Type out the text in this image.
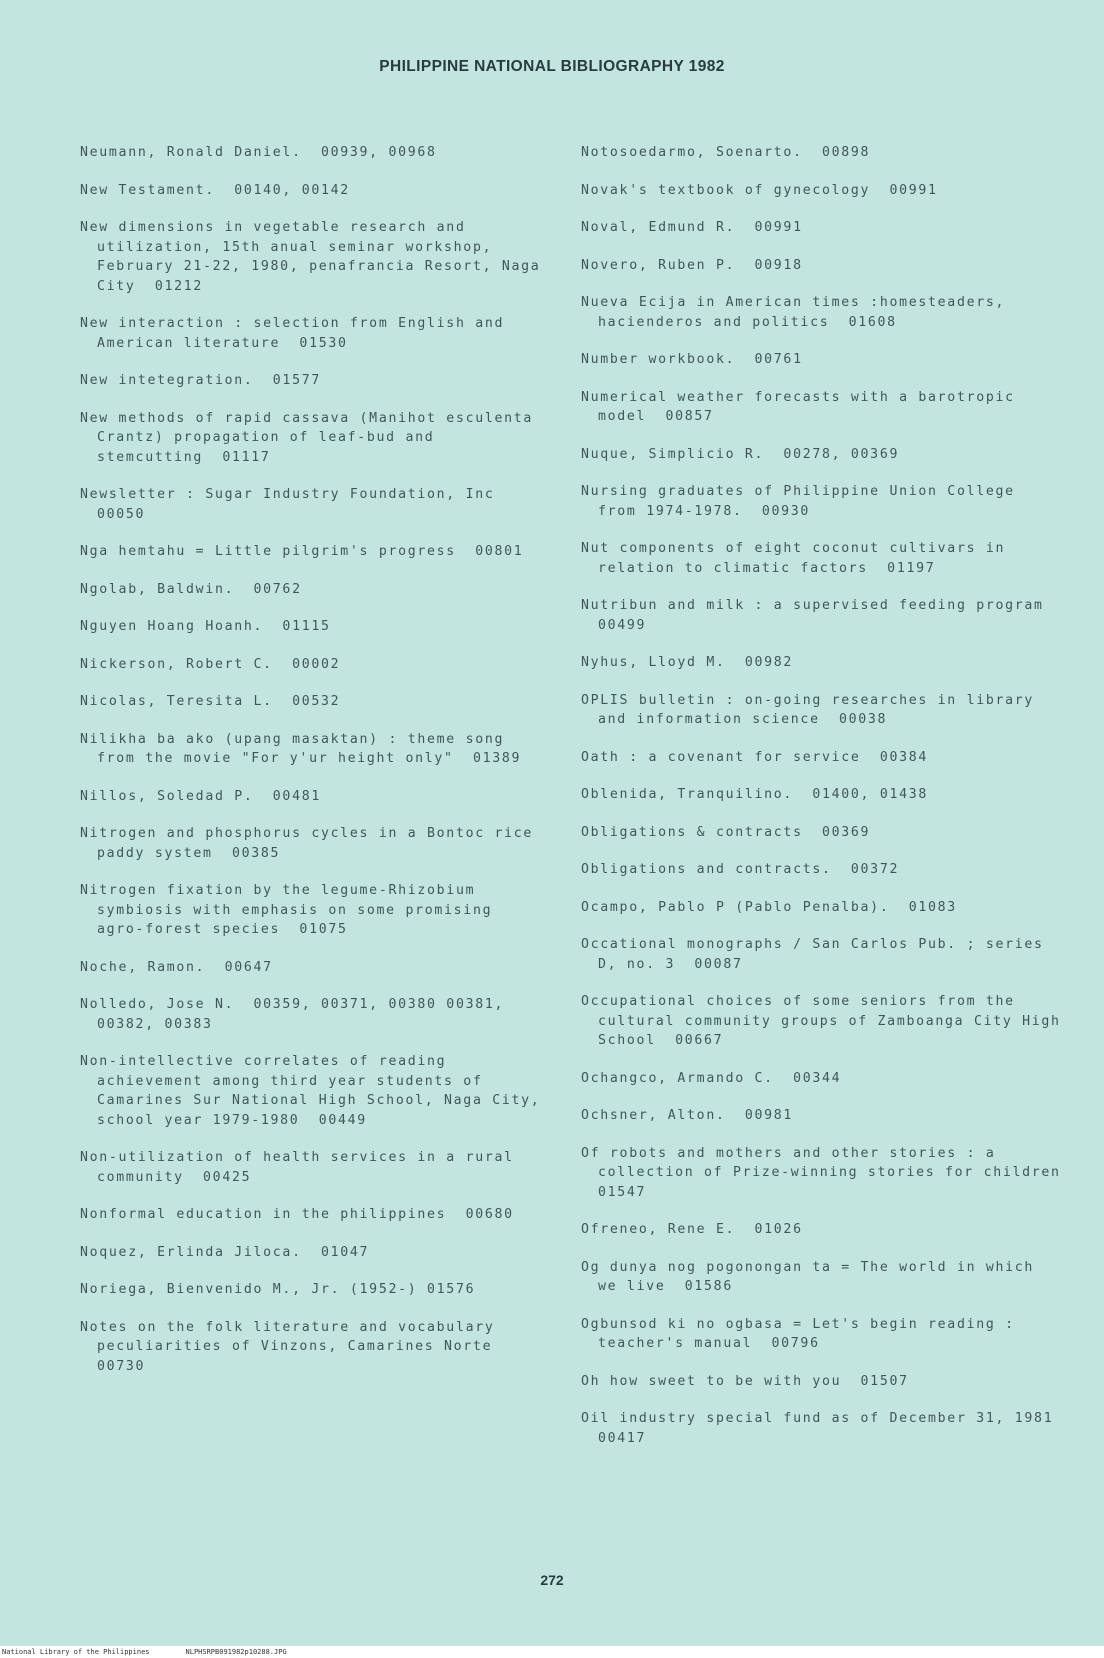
PHILIPPINE NATIONAL BIBLIOGRAPHY 1982
Neumann, Ronald Daniel.  00939, 00968
New Testament.  00140, 00142
New dimensions in vegetable research and utilization, 15th anual seminar workshop, February 21-22, 1980, penafrancia Resort, Naga City  01212
New interaction : selection from English and American literature  01530
New intetegration.  01577
New methods of rapid cassava (Manihot esculenta Crantz) propagation of leaf-bud and stemcutting  01117
Newsletter : Sugar Industry Foundation, Inc  00050
Nga hemtahu = Little pilgrim's progress  00801
Ngolab, Baldwin.  00762
Nguyen Hoang Hoanh.  01115
Nickerson, Robert C.  00002
Nicolas, Teresita L.  00532
Nilikha ba ako (upang masaktan) : theme song from the movie "For y'ur height only"  01389
Nillos, Soledad P.  00481
Nitrogen and phosphorus cycles in a Bontoc rice paddy system  00385
Nitrogen fixation by the legume-Rhizobium symbiosis with emphasis on some promising agro-forest species  01075
Noche, Ramon.  00647
Nolledo, Jose N.  00359, 00371, 00380 00381, 00382, 00383
Non-intellective correlates of reading achievement among third year students of Camarines Sur National High School, Naga City, school year 1979-1980  00449
Non-utilization of health services in a rural community  00425
Nonformal education in the philippines  00680
Noquez, Erlinda Jiloca.  01047
Noriega, Bienvenido M., Jr. (1952-) 01576
Notes on the folk literature and vocabulary peculiarities of Vinzons, Camarines Norte  00730
Notosoedarmo, Soenarto.  00898
Novak's textbook of gynecology  00991
Noval, Edmund R.  00991
Novero, Ruben P.  00918
Nueva Ecija in American times :homesteaders, hacienderos and politics  01608
Number workbook.  00761
Numerical weather forecasts with a barotropic model  00857
Nuque, Simplicio R.  00278, 00369
Nursing graduates of Philippine Union College from 1974-1978.  00930
Nut components of eight coconut cultivars in relation to climatic factors  01197
Nutribun and milk : a supervised feeding program  00499
Nyhus, Lloyd M.  00982
OPLIS bulletin : on-going researches in library and information science  00038
Oath : a covenant for service  00384
Oblenida, Tranquilino.  01400, 01438
Obligations & contracts  00369
Obligations and contracts.  00372
Ocampo, Pablo P (Pablo Penalba).  01083
Occational monographs / San Carlos Pub. ; series D, no. 3  00087
Occupational choices of some seniors from the cultural community groups of Zamboanga City High School  00667
Ochangco, Armando C.  00344
Ochsner, Alton.  00981
Of robots and mothers and other stories : a collection of Prize-winning stories for children  01547
Ofreneo, Rene E.  01026
Og dunya nog pogonongan ta = The world in which we live  01586
Ogbunsod ki no ogbasa = Let's begin reading : teacher's manual  00796
Oh how sweet to be with you  01507
Oil industry special fund as of December 31, 1981  00417
272
National Library of the Philippines	NLPHSRPB091982p10288.JPG
